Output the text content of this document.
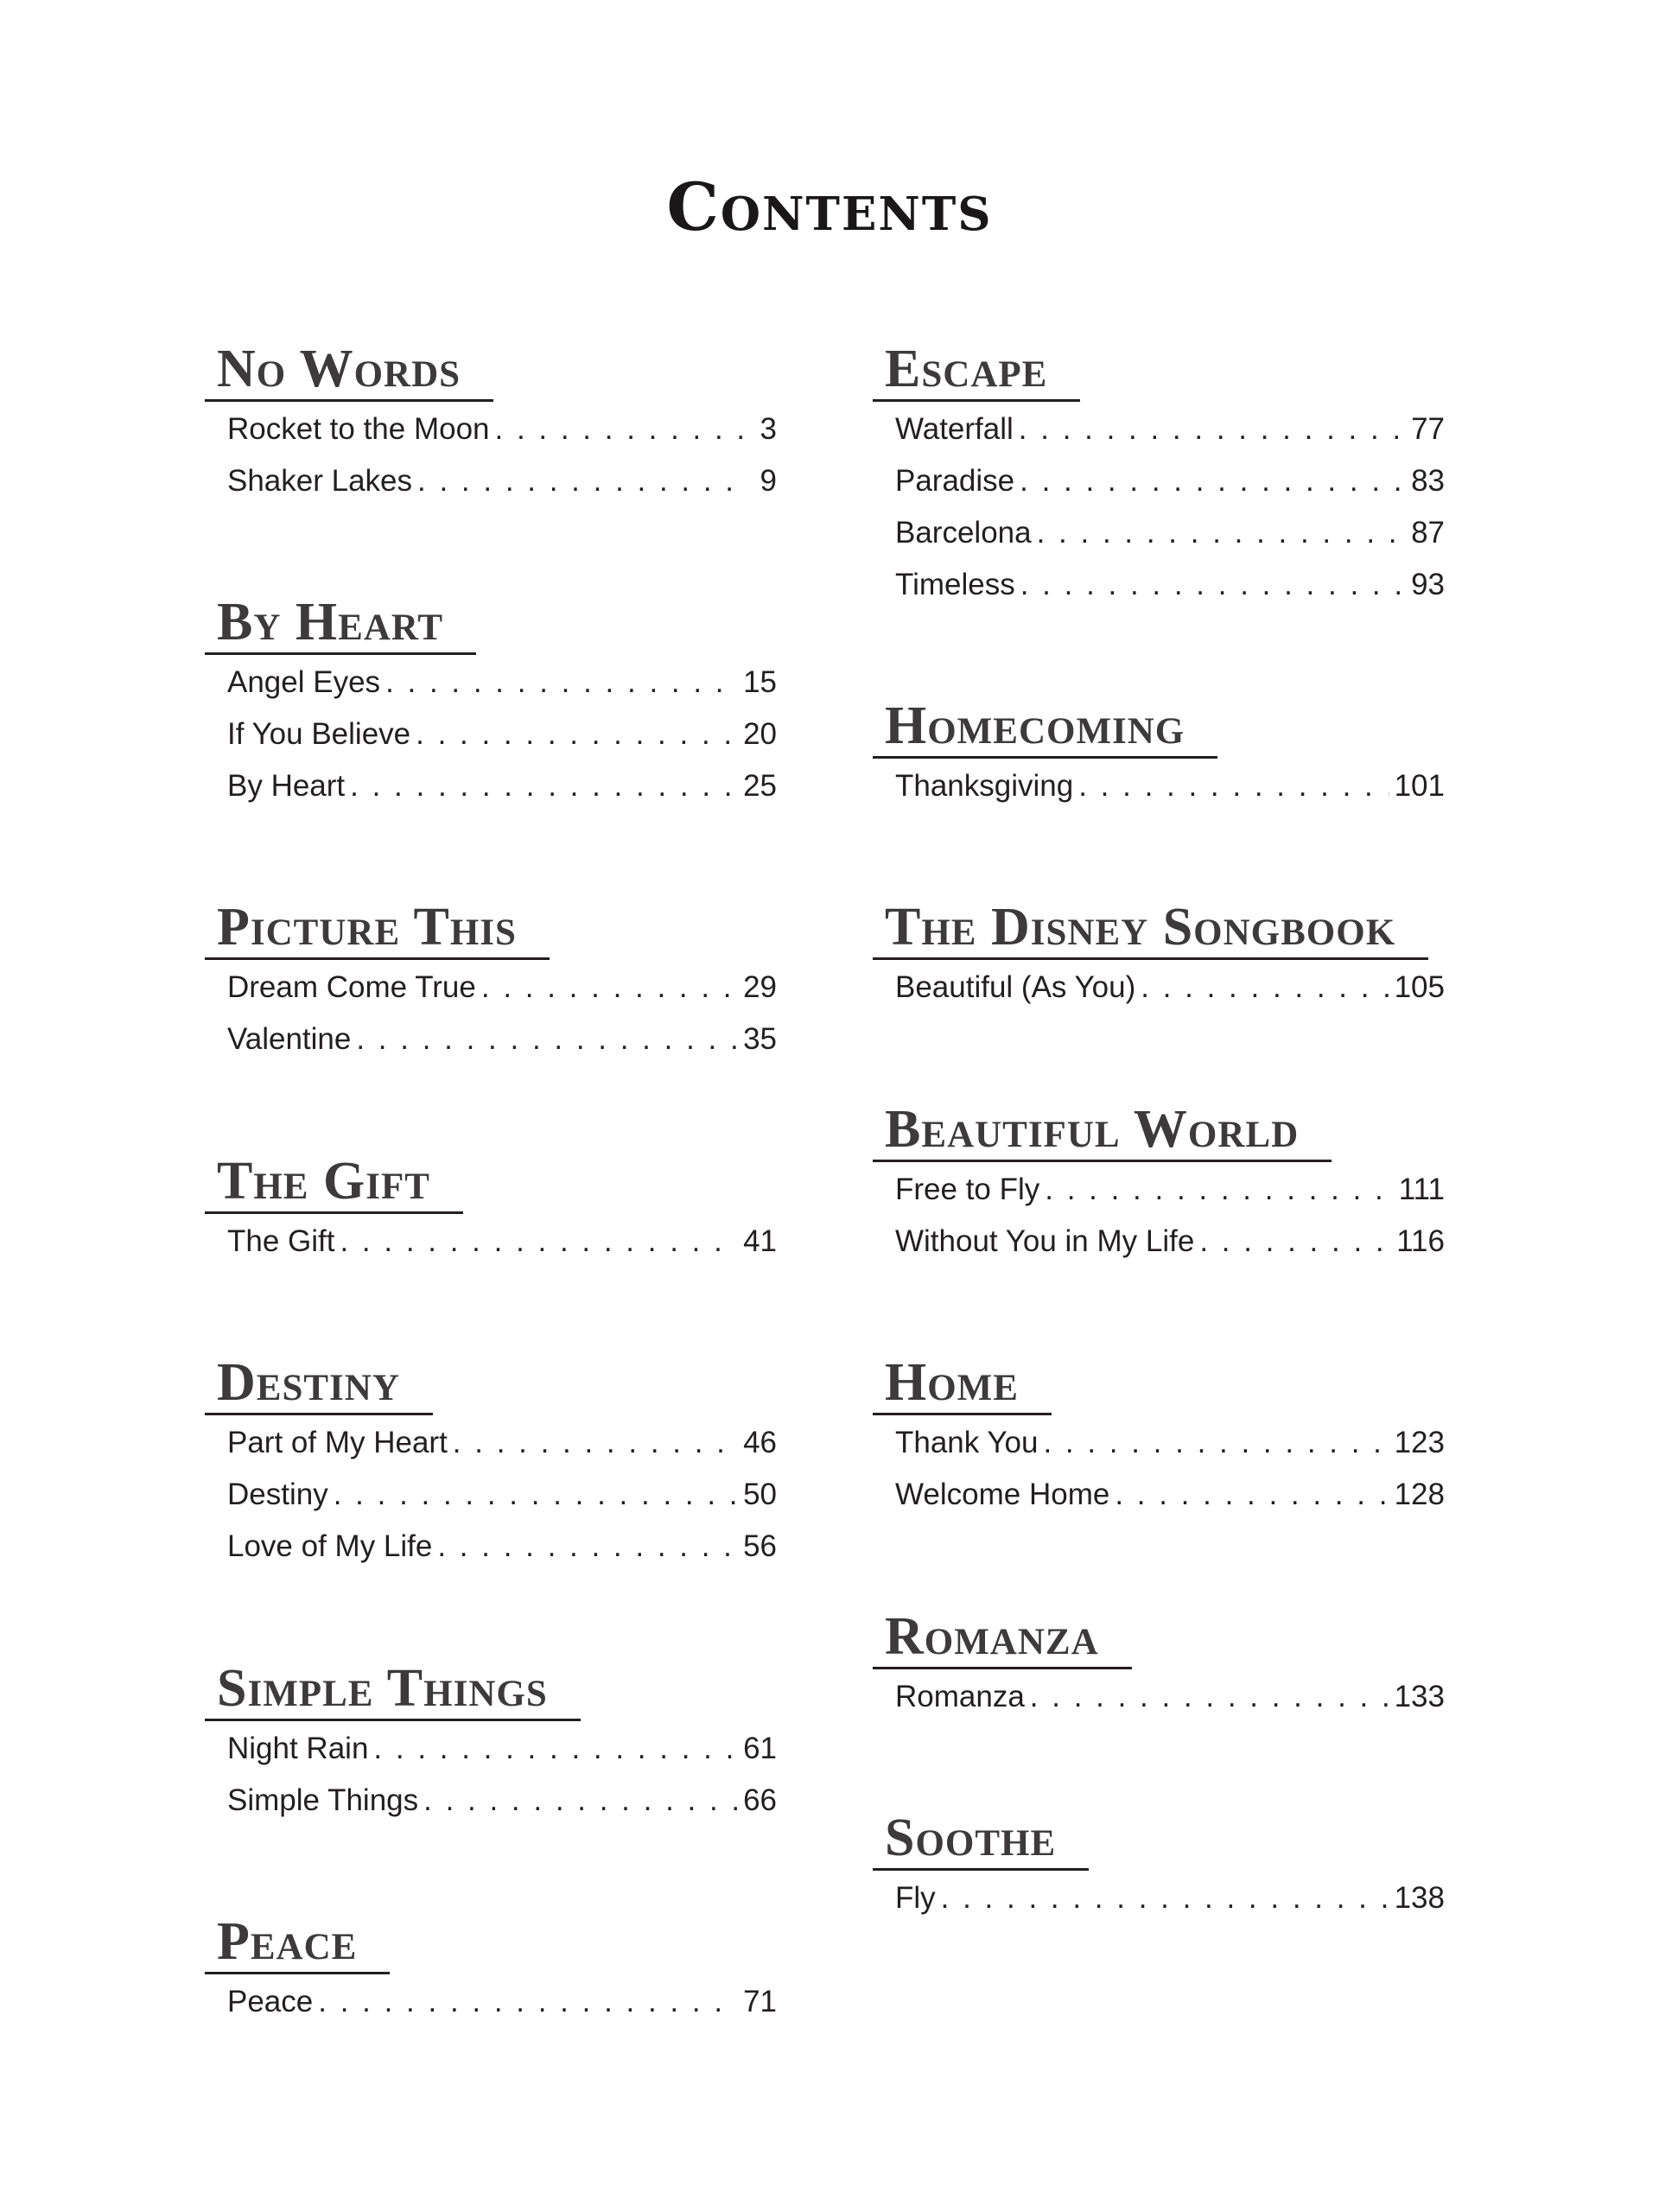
Contents
No Words
Rocket to the Moon . . .	3
Shaker Lakes . . .	9
By Heart
Angel Eyes . . .	15
If You Believe . . .	20
By Heart . . .	25
Picture This
Dream Come True . . .	29
Valentine . . .	35
The Gift
The Gift . . .	41
Destiny
Part of My Heart . . .	46
Destiny . . .	50
Love of My Life . . .	56
Simple Things
Night Rain . . .	61
Simple Things . . .	66
Peace
Peace . . .	71
Escape
Waterfall . . .	77
Paradise . . .	83
Barcelona . . .	87
Timeless . . .	93
Homecoming
Thanksgiving . . .	101
The Disney Songbook
Beautiful (As You) . . .	105
Beautiful World
Free to Fly . . .	111
Without You in My Life . . .	116
Home
Thank You . . .	123
Welcome Home . . .	128
Romanza
Romanza . . .	133
Soothe
Fly . . .	138
